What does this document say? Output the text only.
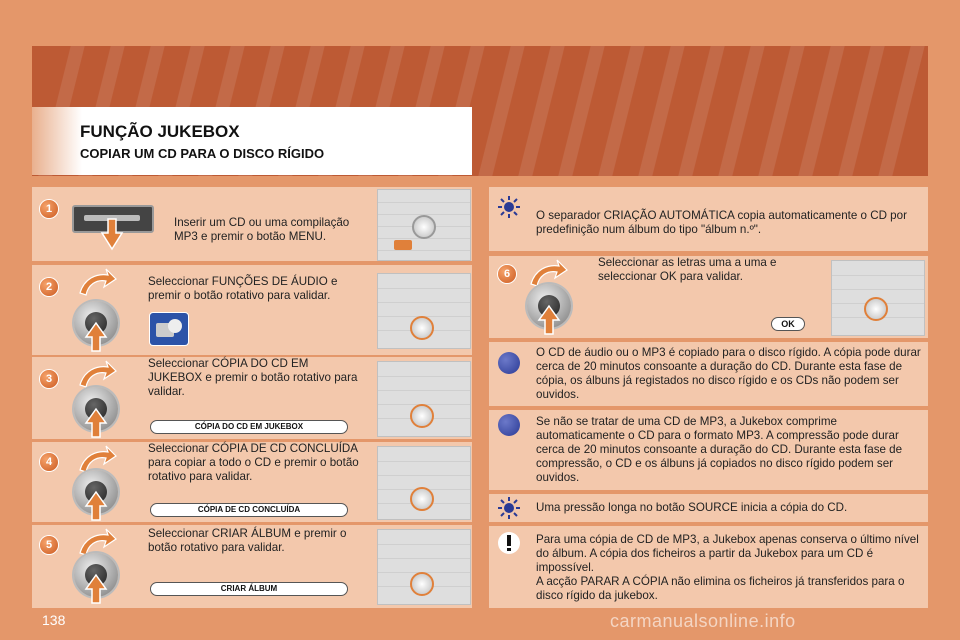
FUNÇÃO JUKEBOX
COPIAR UM CD PARA O DISCO RÍGIDO
1
Inserir um CD ou uma compilação MP3 e premir o botão MENU.
2	Seleccionar FUNÇÕES DE ÁUDIO e premir o botão rotativo para validar.
3
Seleccionar CÓPIA DO CD EM JUKEBOX e premir o botão rotativo para validar.
CÓPIA DO CD EM JUKEBOX
4
Seleccionar CÓPIA DE CD CONCLUÍDA para copiar a todo o CD e premir o botão rotativo para validar.
CÓPIA DE CD CONCLUÍDA
5
Seleccionar CRIAR ÁLBUM e premir o botão rotativo para validar.
CRIAR ÁLBUM
O separador CRIAÇÃO AUTOMÁTICA copia automaticamente o CD por predefinição num álbum do tipo "álbum n.º".
6
Seleccionar as letras uma a uma e seleccionar OK para validar.
OK
O CD de áudio ou o MP3 é copiado para o disco rígido. A cópia pode durar cerca de 20 minutos consoante a duração do CD. Durante esta fase de cópia, os álbuns já registados no disco rígido e os CDs não podem ser ouvidos.
Se não se tratar de uma CD de MP3, a Jukebox comprime automaticamente o CD para o formato MP3. A compressão pode durar cerca de 20 minutos consoante a duração do CD. Durante esta fase de compressão, o CD e os álbuns já copiados no disco rígido podem ser ouvidos.
Uma pressão longa no botão SOURCE inicia a cópia do CD.
Para uma cópia de CD de MP3, a Jukebox apenas conserva o último nível do álbum. A cópia dos ficheiros a partir da Jukebox para um CD é impossível.
A acção PARAR A CÓPIA não elimina os ficheiros já transferidos para o disco rígido da jukebox.
138	carmanualsonline.info
